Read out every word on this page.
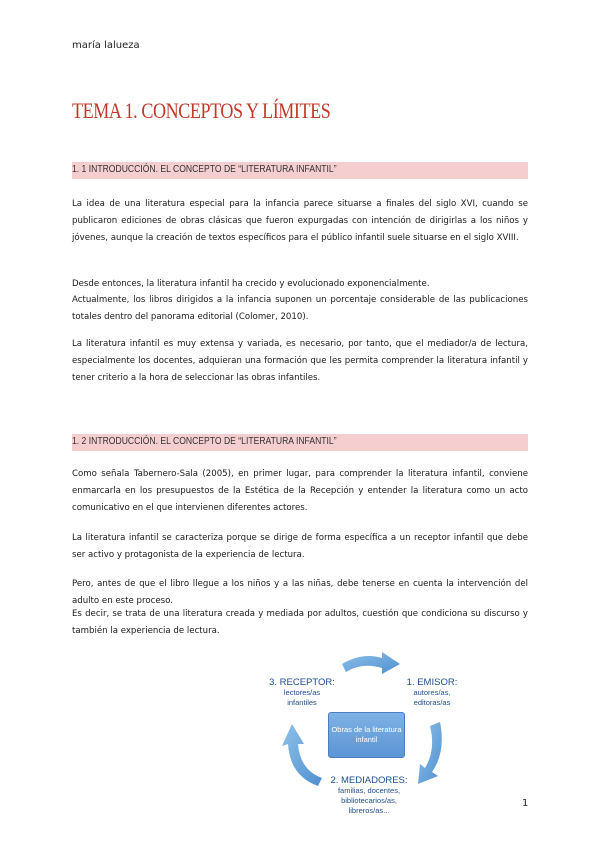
maría lalueza
TEMA 1. CONCEPTOS Y LÍMITES
1. 1 INTRODUCCIÓN. EL CONCEPTO DE “LITERATURA INFANTIL”
La idea de una literatura especial para la infancia parece situarse a finales del siglo XVI, cuando se publicaron ediciones de obras clásicas que fueron expurgadas con intención de dirigirlas a los niños y jóvenes, aunque la creación de textos específicos para el público infantil suele situarse en el siglo XVIII.
Desde entonces, la literatura infantil ha crecido y evolucionado exponencialmente.
Actualmente, los libros dirigidos a la infancia suponen un porcentaje considerable de las publicaciones totales dentro del panorama editorial (Colomer, 2010).
La literatura infantil es muy extensa y variada, es necesario, por tanto, que el mediador/a de lectura, especialmente los docentes, adquieran una formación que les permita comprender la literatura infantil y tener criterio a la hora de seleccionar las obras infantiles.
1. 2 INTRODUCCIÓN. EL CONCEPTO DE “LITERATURA INFANTIL”
Como señala Tabernero-Sala (2005), en primer lugar, para comprender la literatura infantil, conviene enmarcarla en los presupuestos de la Estética de la Recepción y entender la literatura como un acto comunicativo en el que intervienen diferentes actores.
La literatura infantil se caracteriza porque se dirige de forma específica a un receptor infantil que debe ser activo y protagonista de la experiencia de lectura.
Pero, antes de que el libro llegue a los niños y a las niñas, debe tenerse en cuenta la intervención del adulto en este proceso.
Es decir, se trata de una literatura creada y mediada por adultos, cuestión que condiciona su discurso y también la experiencia de lectura.
3. RECEPTOR:
lectores/as
infantiles
1. EMISOR:
autores/as,
editoras/as
Obras de la literatura infantil
2. MEDIADORES:
familias, docentes,
bibliotecarios/as,
libreros/as...
1
